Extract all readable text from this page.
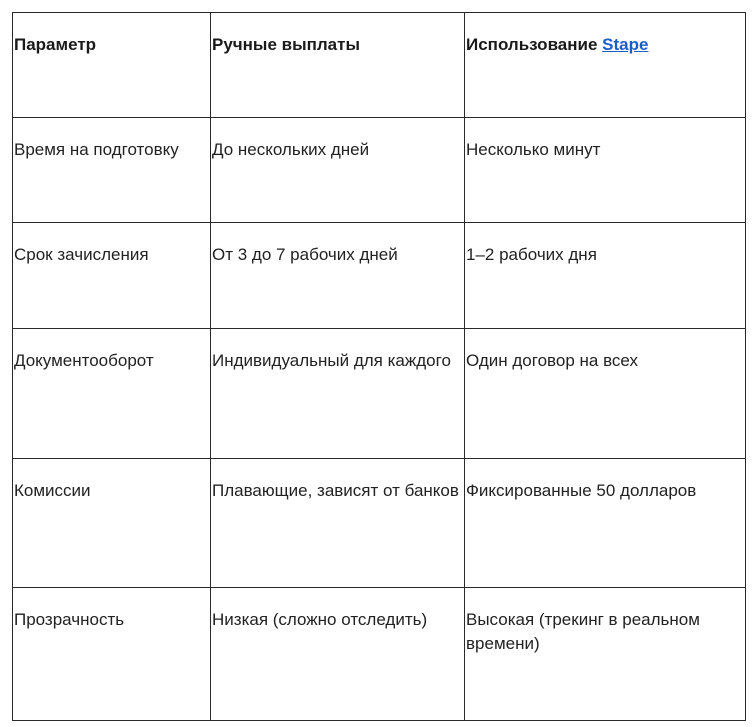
Параметр	Ручные выплаты	Использование Stape
Время на подготовку	До нескольких дней	Несколько минут
Срок зачисления	От 3 до 7 рабочих дней	1–2 рабочих дня
Документооборот	Индивидуальный для каждого	Один договор на всех
Комиссии	Плавающие, зависят от банков	Фиксированные 50 долларов
Прозрачность	Низкая (сложно отследить)	Высокая (трекинг в реальном времени)
